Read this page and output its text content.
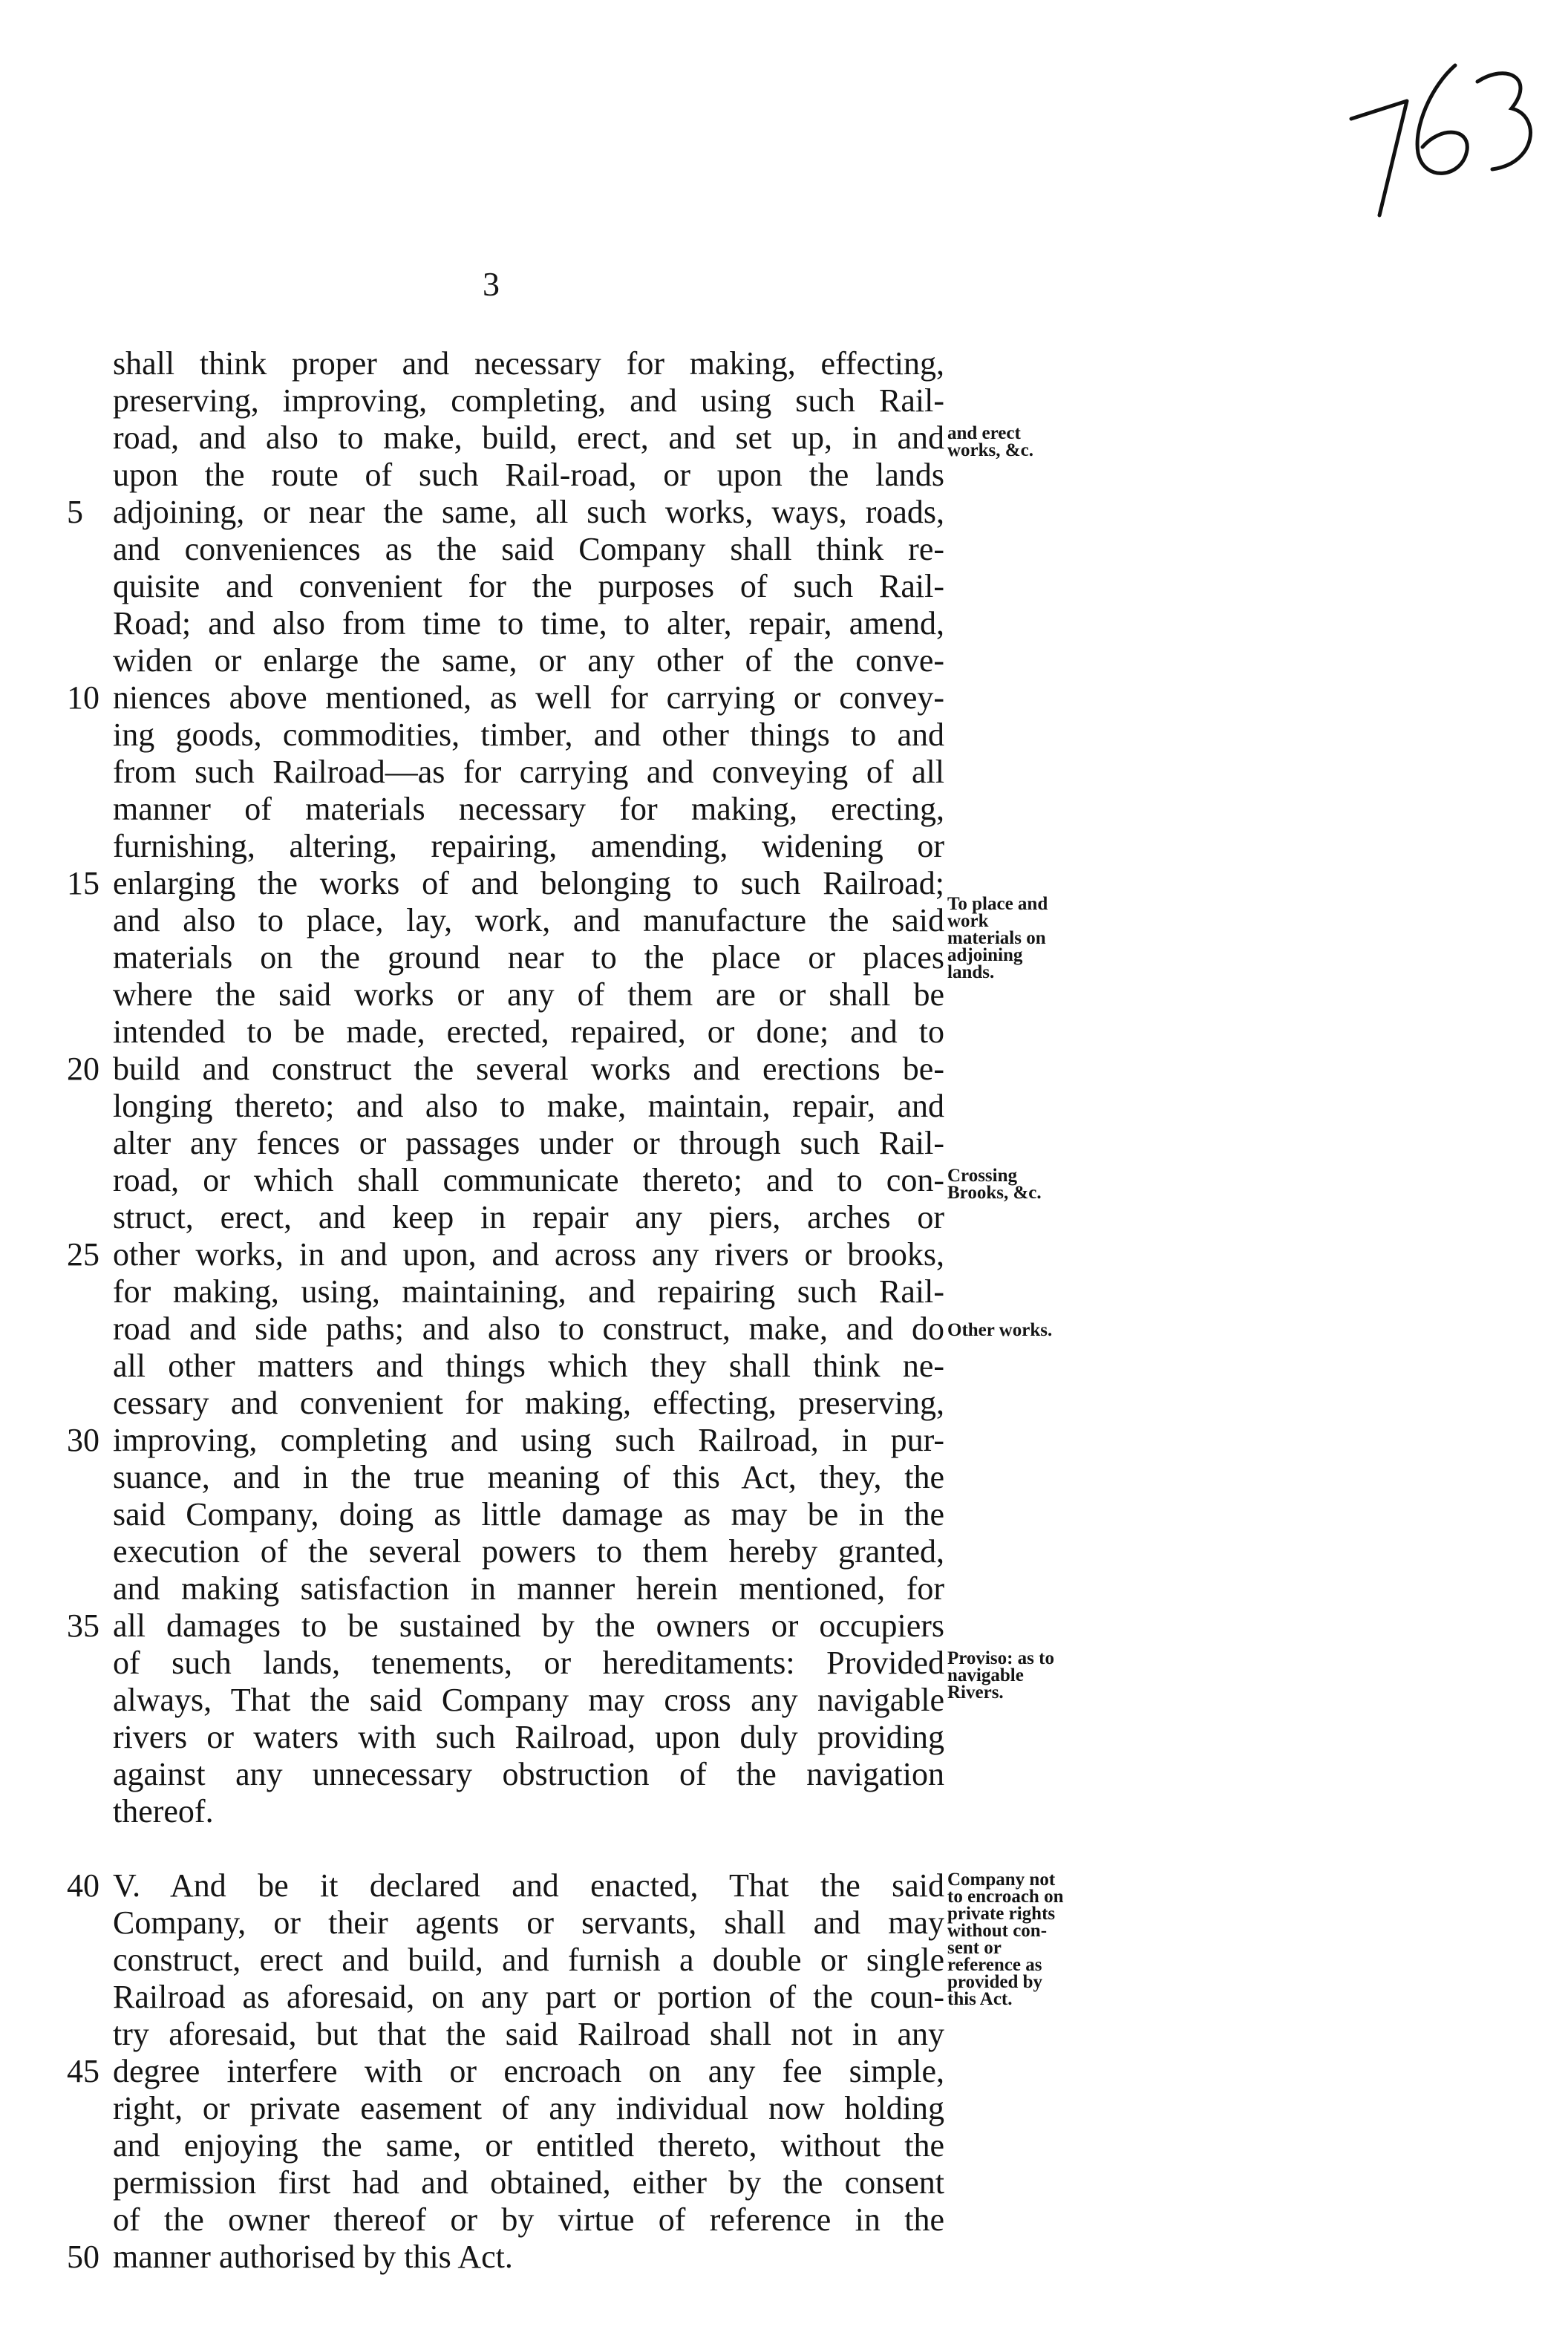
3
shall think proper and necessary for making, effecting,
preserving, improving, completing, and using such Rail-
road, and also to make, build, erect, and set up, in and
upon the route of such Rail-road, or upon the lands
adjoining, or near the same, all such works, ways, roads,
and conveniences as the said Company shall think re-
quisite and convenient for the purposes of such Rail-
Road; and also from time to time, to alter, repair, amend,
widen or enlarge the same, or any other of the conve-
niences above mentioned, as well for carrying or convey-
ing goods, commodities, timber, and other things to and
from such Railroad—as for carrying and conveying of all
manner of materials necessary for making, erecting,
furnishing, altering, repairing, amending, widening or
enlarging the works of and belonging to such Railroad;
and also to place, lay, work, and manufacture the said
materials on the ground near to the place or places
where the said works or any of them are or shall be
intended to be made, erected, repaired, or done; and to
build and construct the several works and erections be-
longing thereto; and also to make, maintain, repair, and
alter any fences or passages under or through such Rail-
road, or which shall communicate thereto; and to con-
struct, erect, and keep in repair any piers, arches or
other works, in and upon, and across any rivers or brooks,
for making, using, maintaining, and repairing such Rail-
road and side paths; and also to construct, make, and do
all other matters and things which they shall think ne-
cessary and convenient for making, effecting, preserving,
improving, completing and using such Railroad, in pur-
suance, and in the true meaning of this Act, they, the
said Company, doing as little damage as may be in the
execution of the several powers to them hereby granted,
and making satisfaction in manner herein mentioned, for
all damages to be sustained by the owners or occupiers
of such lands, tenements, or hereditaments: Provided
always, That the said Company may cross any navigable
rivers or waters with such Railroad, upon duly providing
against any unnecessary obstruction of the navigation
thereof.
V. And be it declared and enacted, That the said
Company, or their agents or servants, shall and may
construct, erect and build, and furnish a double or single
Railroad as aforesaid, on any part or portion of the coun-
try aforesaid, but that the said Railroad shall not in any
degree interfere with or encroach on any fee simple,
right, or private easement of any individual now holding
and enjoying the same, or entitled thereto, without the
permission first had and obtained, either by the consent
of the owner thereof or by virtue of reference in the
manner authorised by this Act.
5
10
15
20
25
30
35
40
45
50
and erect
works, &c.
To place and
work
materials on
adjoining
lands.
Crossing
Brooks, &c.
Other works.
Proviso: as to
navigable
Rivers.
Company not
to encroach on
private rights
without con-
sent or
reference as
provided by
this Act.
